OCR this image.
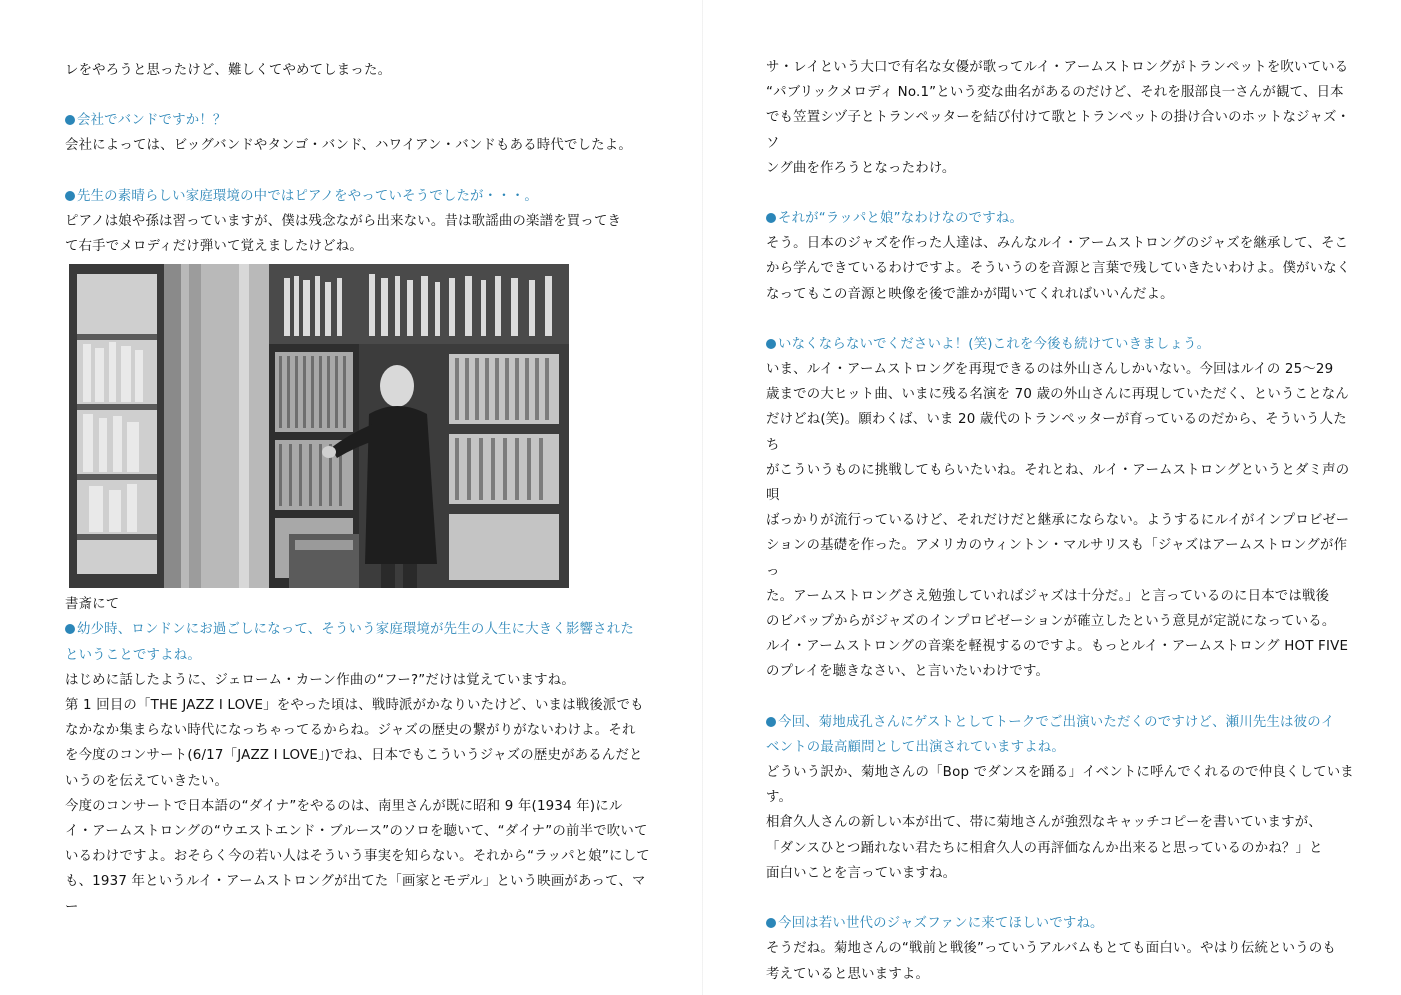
レをやろうと思ったけど、難しくてやめてしまった。

会社でバンドですか！？

会社によっては、ビッグバンドやタンゴ・バンド、ハワイアン・バンドもある時代でしたよ。

先生の素晴らしい家庭環境の中ではピアノをやっていそうでしたが・・・。

ピアノは娘や孫は習っていますが、僕は残念ながら出来ない。昔は歌謡曲の楽譜を買ってき

て右手でメロディだけ弾いて覚えましたけどね。

書斎にて

幼少時、ロンドンにお過ごしになって、そういう家庭環境が先生の人生に大きく影響された

ということですよね。

はじめに話したように、ジェローム・カーン作曲の“フー?”だけは覚えていますね。

第 1 回目の「THE JAZZ I LOVE」をやった頃は、戦時派がかなりいたけど、いまは戦後派でも

なかなか集まらない時代になっちゃってるからね。ジャズの歴史の繋がりがないわけよ。それ

を今度のコンサート(6/17「JAZZ I LOVE」)でね、日本でもこういうジャズの歴史があるんだと

いうのを伝えていきたい。

今度のコンサートで日本語の“ダイナ”をやるのは、南里さんが既に昭和 9 年(1934 年)にル

イ・アームストロングの“ウエストエンド・ブルース”のソロを聴いて、“ダイナ”の前半で吹いて

いるわけですよ。おそらく今の若い人はそういう事実を知らない。それから“ラッパと娘”にして

も、1937 年というルイ・アームストロングが出てた「画家とモデル」という映画があって、マー

サ・レイという大口で有名な女優が歌ってルイ・アームストロングがトランペットを吹いている

“パブリックメロディ No.1”という変な曲名があるのだけど、それを服部良一さんが観て、日本

でも笠置シヅ子とトランペッターを結び付けて歌とトランペットの掛け合いのホットなジャズ・ソ

ング曲を作ろうとなったわけ。

それが“ラッパと娘”なわけなのですね。

そう。日本のジャズを作った人達は、みんなルイ・アームストロングのジャズを継承して、そこ

から学んできているわけですよ。そういうのを音源と言葉で残していきたいわけよ。僕がいなく

なってもこの音源と映像を後で誰かが聞いてくれればいいんだよ。

いなくならないでくださいよ！(笑)これを今後も続けていきましょう。

いま、ルイ・アームストロングを再現できるのは外山さんしかいない。今回はルイの 25～29

歳までの大ヒット曲、いまに残る名演を 70 歳の外山さんに再現していただく、ということなん

だけどね(笑)。願わくば、いま 20 歳代のトランペッターが育っているのだから、そういう人たち

がこういうものに挑戦してもらいたいね。それとね、ルイ・アームストロングというとダミ声の唄

ばっかりが流行っているけど、それだけだと継承にならない。ようするにルイがインプロビゼー

ションの基礎を作った。アメリカのウィントン・マルサリスも「ジャズはアームストロングが作っ

た。アームストロングさえ勉強していればジャズは十分だ。」と言っているのに日本では戦後

のビバップからがジャズのインプロビゼーションが確立したという意見が定説になっている。

ルイ・アームストロングの音楽を軽視するのですよ。もっとルイ・アームストロング HOT FIVE

のプレイを聴きなさい、と言いたいわけです。

今回、菊地成孔さんにゲストとしてトークでご出演いただくのですけど、瀬川先生は彼のイ

ベントの最高顧問として出演されていますよね。

どういう訳か、菊地さんの「Bop でダンスを踊る」イベントに呼んでくれるので仲良くしていま

す。

相倉久人さんの新しい本が出て、帯に菊地さんが強烈なキャッチコピーを書いていますが、

「ダンスひとつ踊れない君たちに相倉久人の再評価なんか出来ると思っているのかね？」と

面白いことを言っていますね。

今回は若い世代のジャズファンに来てほしいですね。

そうだね。菊地さんの“戦前と戦後”っていうアルバムもとても面白い。やはり伝統というのも

考えていると思いますよ。
